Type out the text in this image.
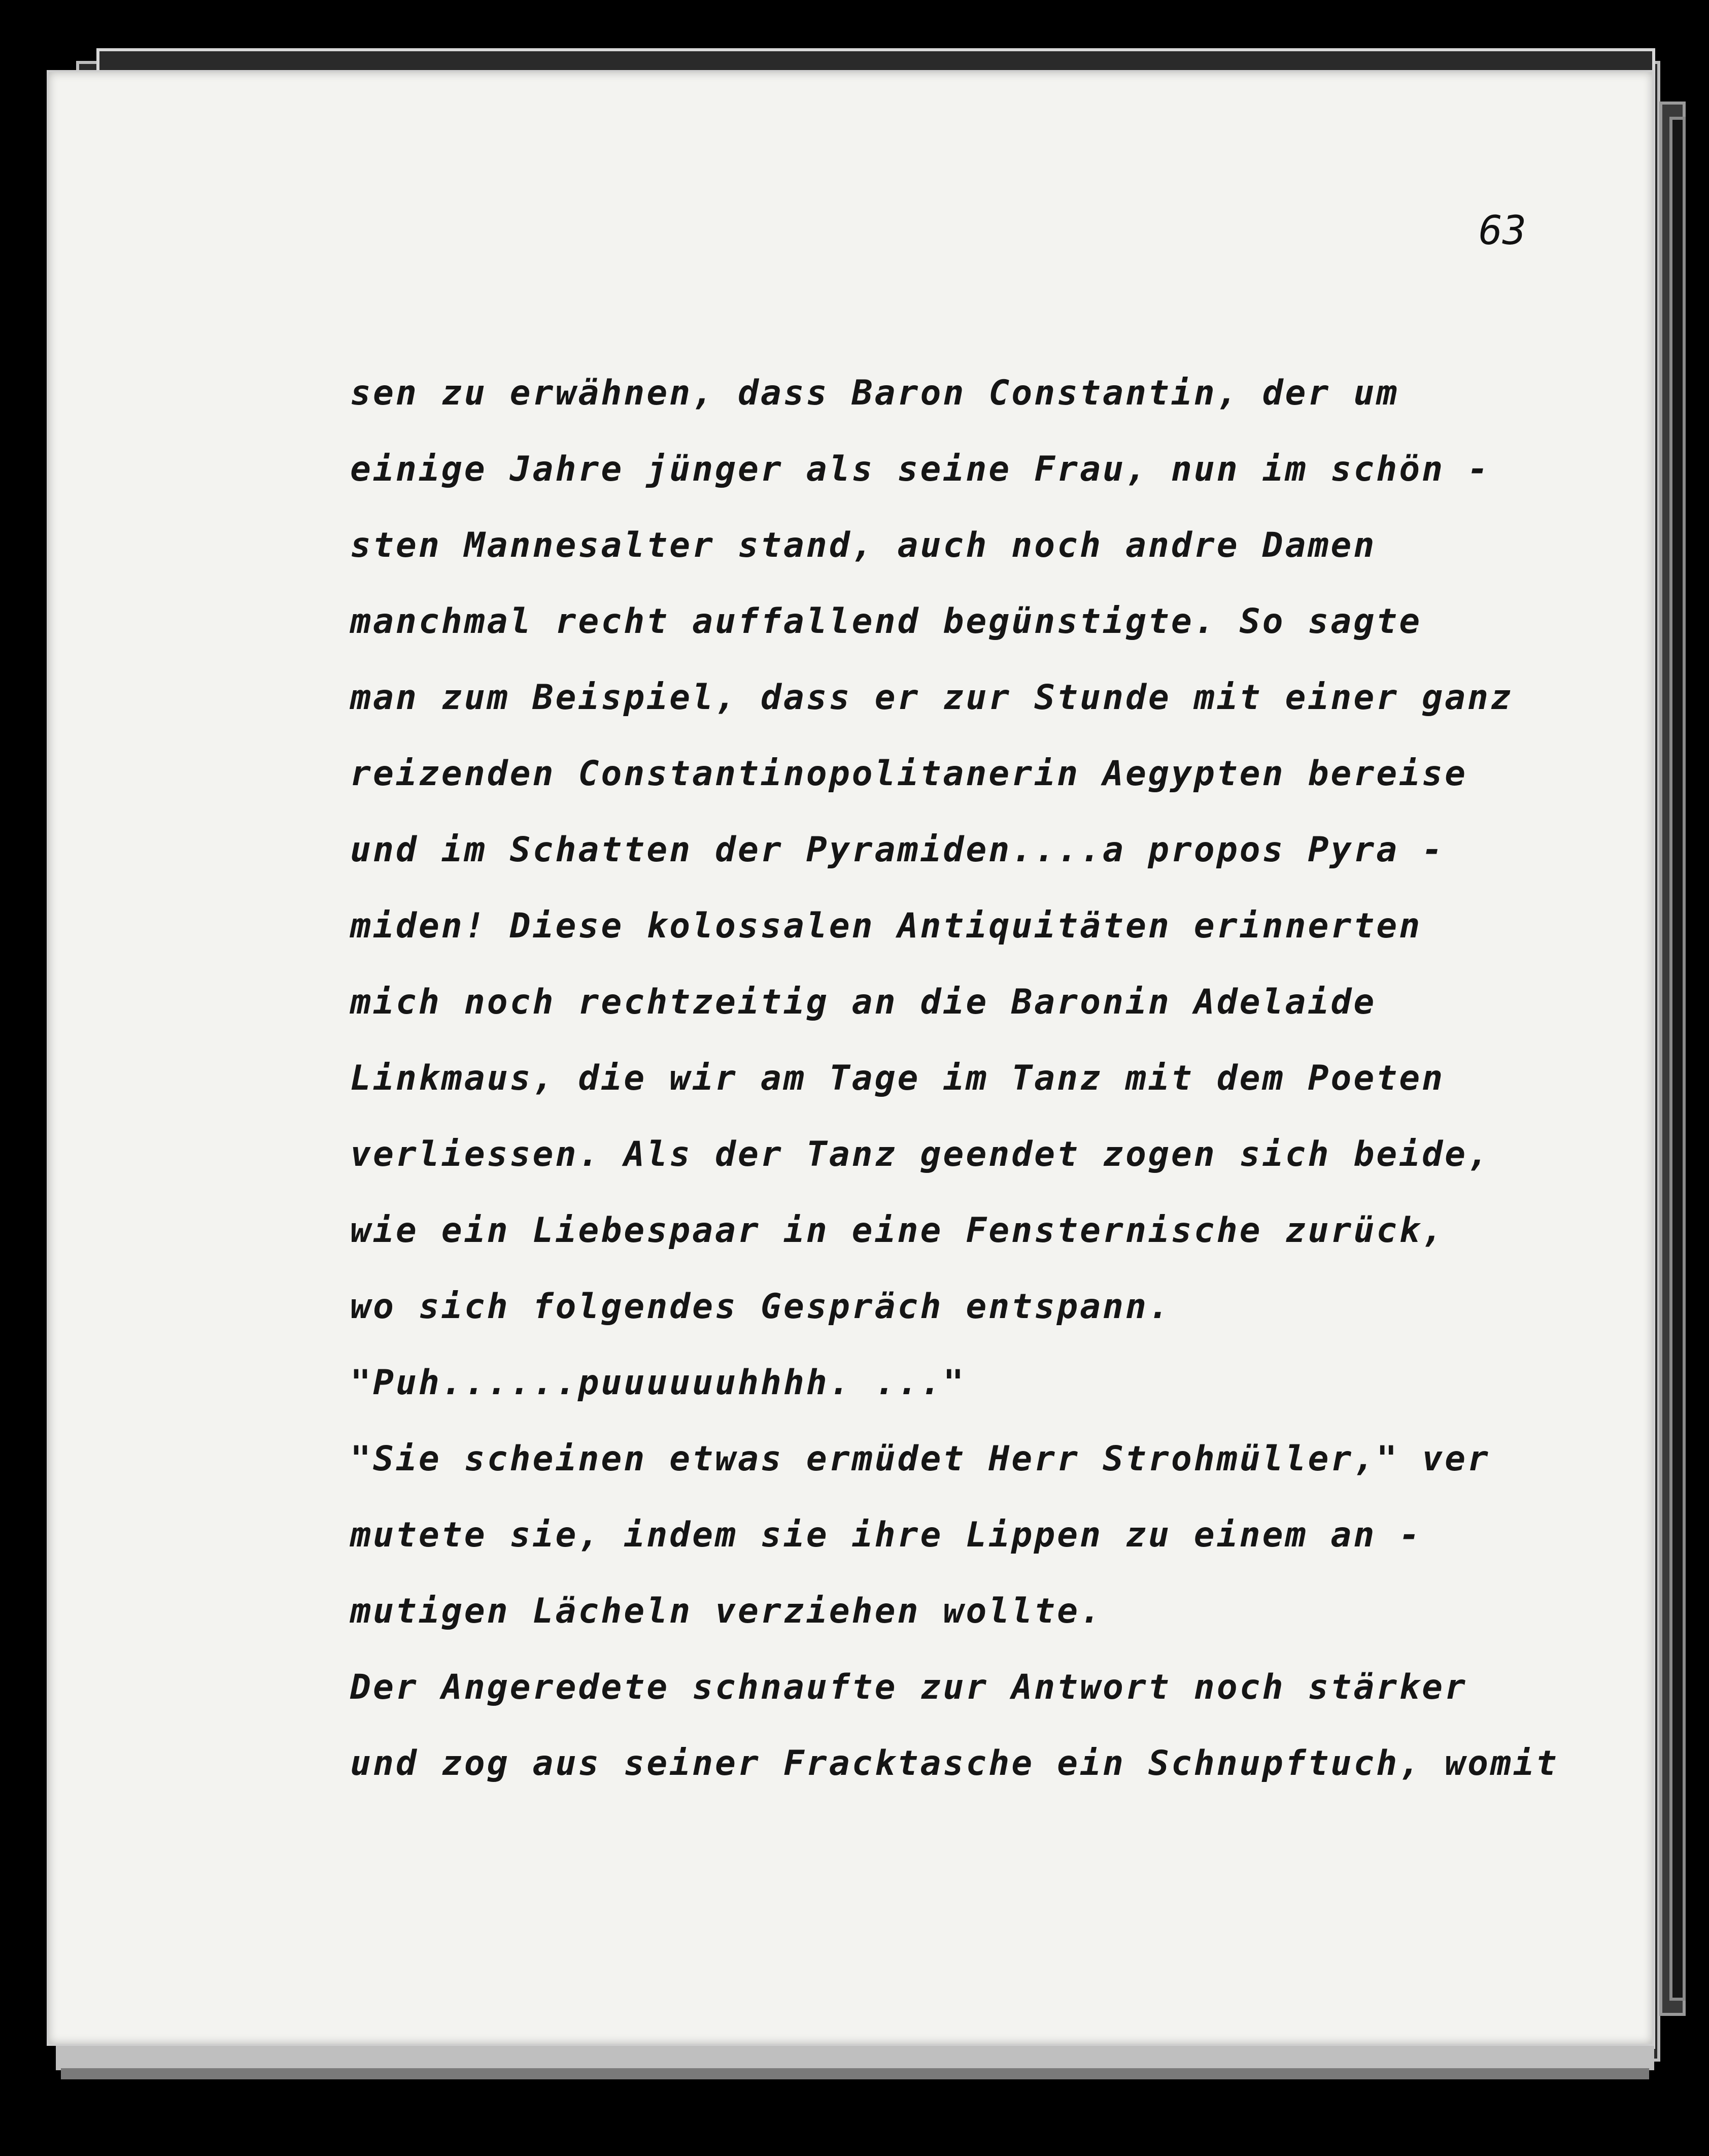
63
sen zu erwähnen, dass Baron Constantin, der um
einige Jahre jünger als seine Frau, nun im schön -
sten Mannesalter stand, auch noch andre Damen
manchmal recht auffallend begünstigte. So sagte
man zum Beispiel, dass er zur Stunde mit einer ganz
reizenden Constantinopolitanerin Aegypten bereise
und im Schatten der Pyramiden....a propos Pyra -
miden! Diese kolossalen Antiquitäten erinnerten
mich noch rechtzeitig an die Baronin Adelaide
Linkmaus, die wir am Tage im Tanz mit dem Poeten
verliessen. Als der Tanz geendet zogen sich beide,
wie ein Liebespaar in eine Fensternische zurück,
wo sich folgendes Gespräch entspann.
"Puh......puuuuuuhhhh. ..."
"Sie scheinen etwas ermüdet Herr Strohmüller," ver
mutete sie, indem sie ihre Lippen zu einem an -
mutigen Lächeln verziehen wollte.
Der Angeredete schnaufte zur Antwort noch stärker
und zog aus seiner Fracktasche ein Schnupftuch, womit
